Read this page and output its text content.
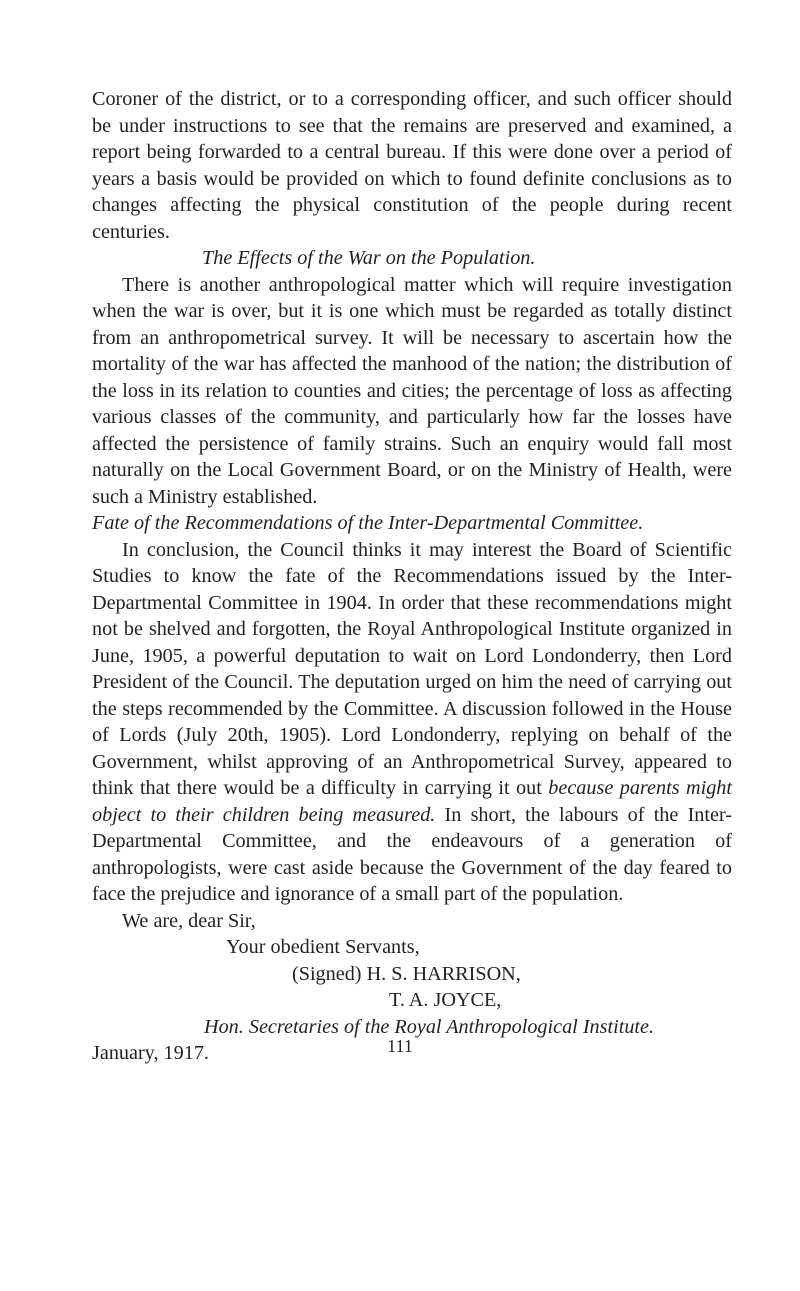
Coroner of the district, or to a corresponding officer, and such officer should be under instructions to see that the remains are preserved and examined, a report being forwarded to a central bureau. If this were done over a period of years a basis would be provided on which to found definite conclusions as to changes affecting the physical constitution of the people during recent centuries.

The Effects of the War on the Population.

There is another anthropological matter which will require investigation when the war is over, but it is one which must be regarded as totally distinct from an anthropometrical survey. It will be necessary to ascertain how the mortality of the war has affected the manhood of the nation; the distribution of the loss in its relation to counties and cities; the percentage of loss as affecting various classes of the community, and particularly how far the losses have affected the persistence of family strains. Such an enquiry would fall most naturally on the Local Government Board, or on the Ministry of Health, were such a Ministry established.

Fate of the Recommendations of the Inter-Departmental Committee.

In conclusion, the Council thinks it may interest the Board of Scientific Studies to know the fate of the Recommendations issued by the Inter-Departmental Committee in 1904. In order that these recommendations might not be shelved and forgotten, the Royal Anthropological Institute organized in June, 1905, a powerful deputation to wait on Lord Londonderry, then Lord President of the Council. The deputation urged on him the need of carrying out the steps recommended by the Committee. A discussion followed in the House of Lords (July 20th, 1905). Lord Londonderry, replying on behalf of the Government, whilst approving of an Anthropometrical Survey, appeared to think that there would be a difficulty in carrying it out because parents might object to their children being measured. In short, the labours of the Inter-Departmental Committee, and the endeavours of a generation of anthropologists, were cast aside because the Government of the day feared to face the prejudice and ignorance of a small part of the population.

We are, dear Sir,
Your obedient Servants,
(Signed) H. S. HARRISON,
T. A. JOYCE,
Hon. Secretaries of the Royal Anthropological Institute.
January, 1917.	111
